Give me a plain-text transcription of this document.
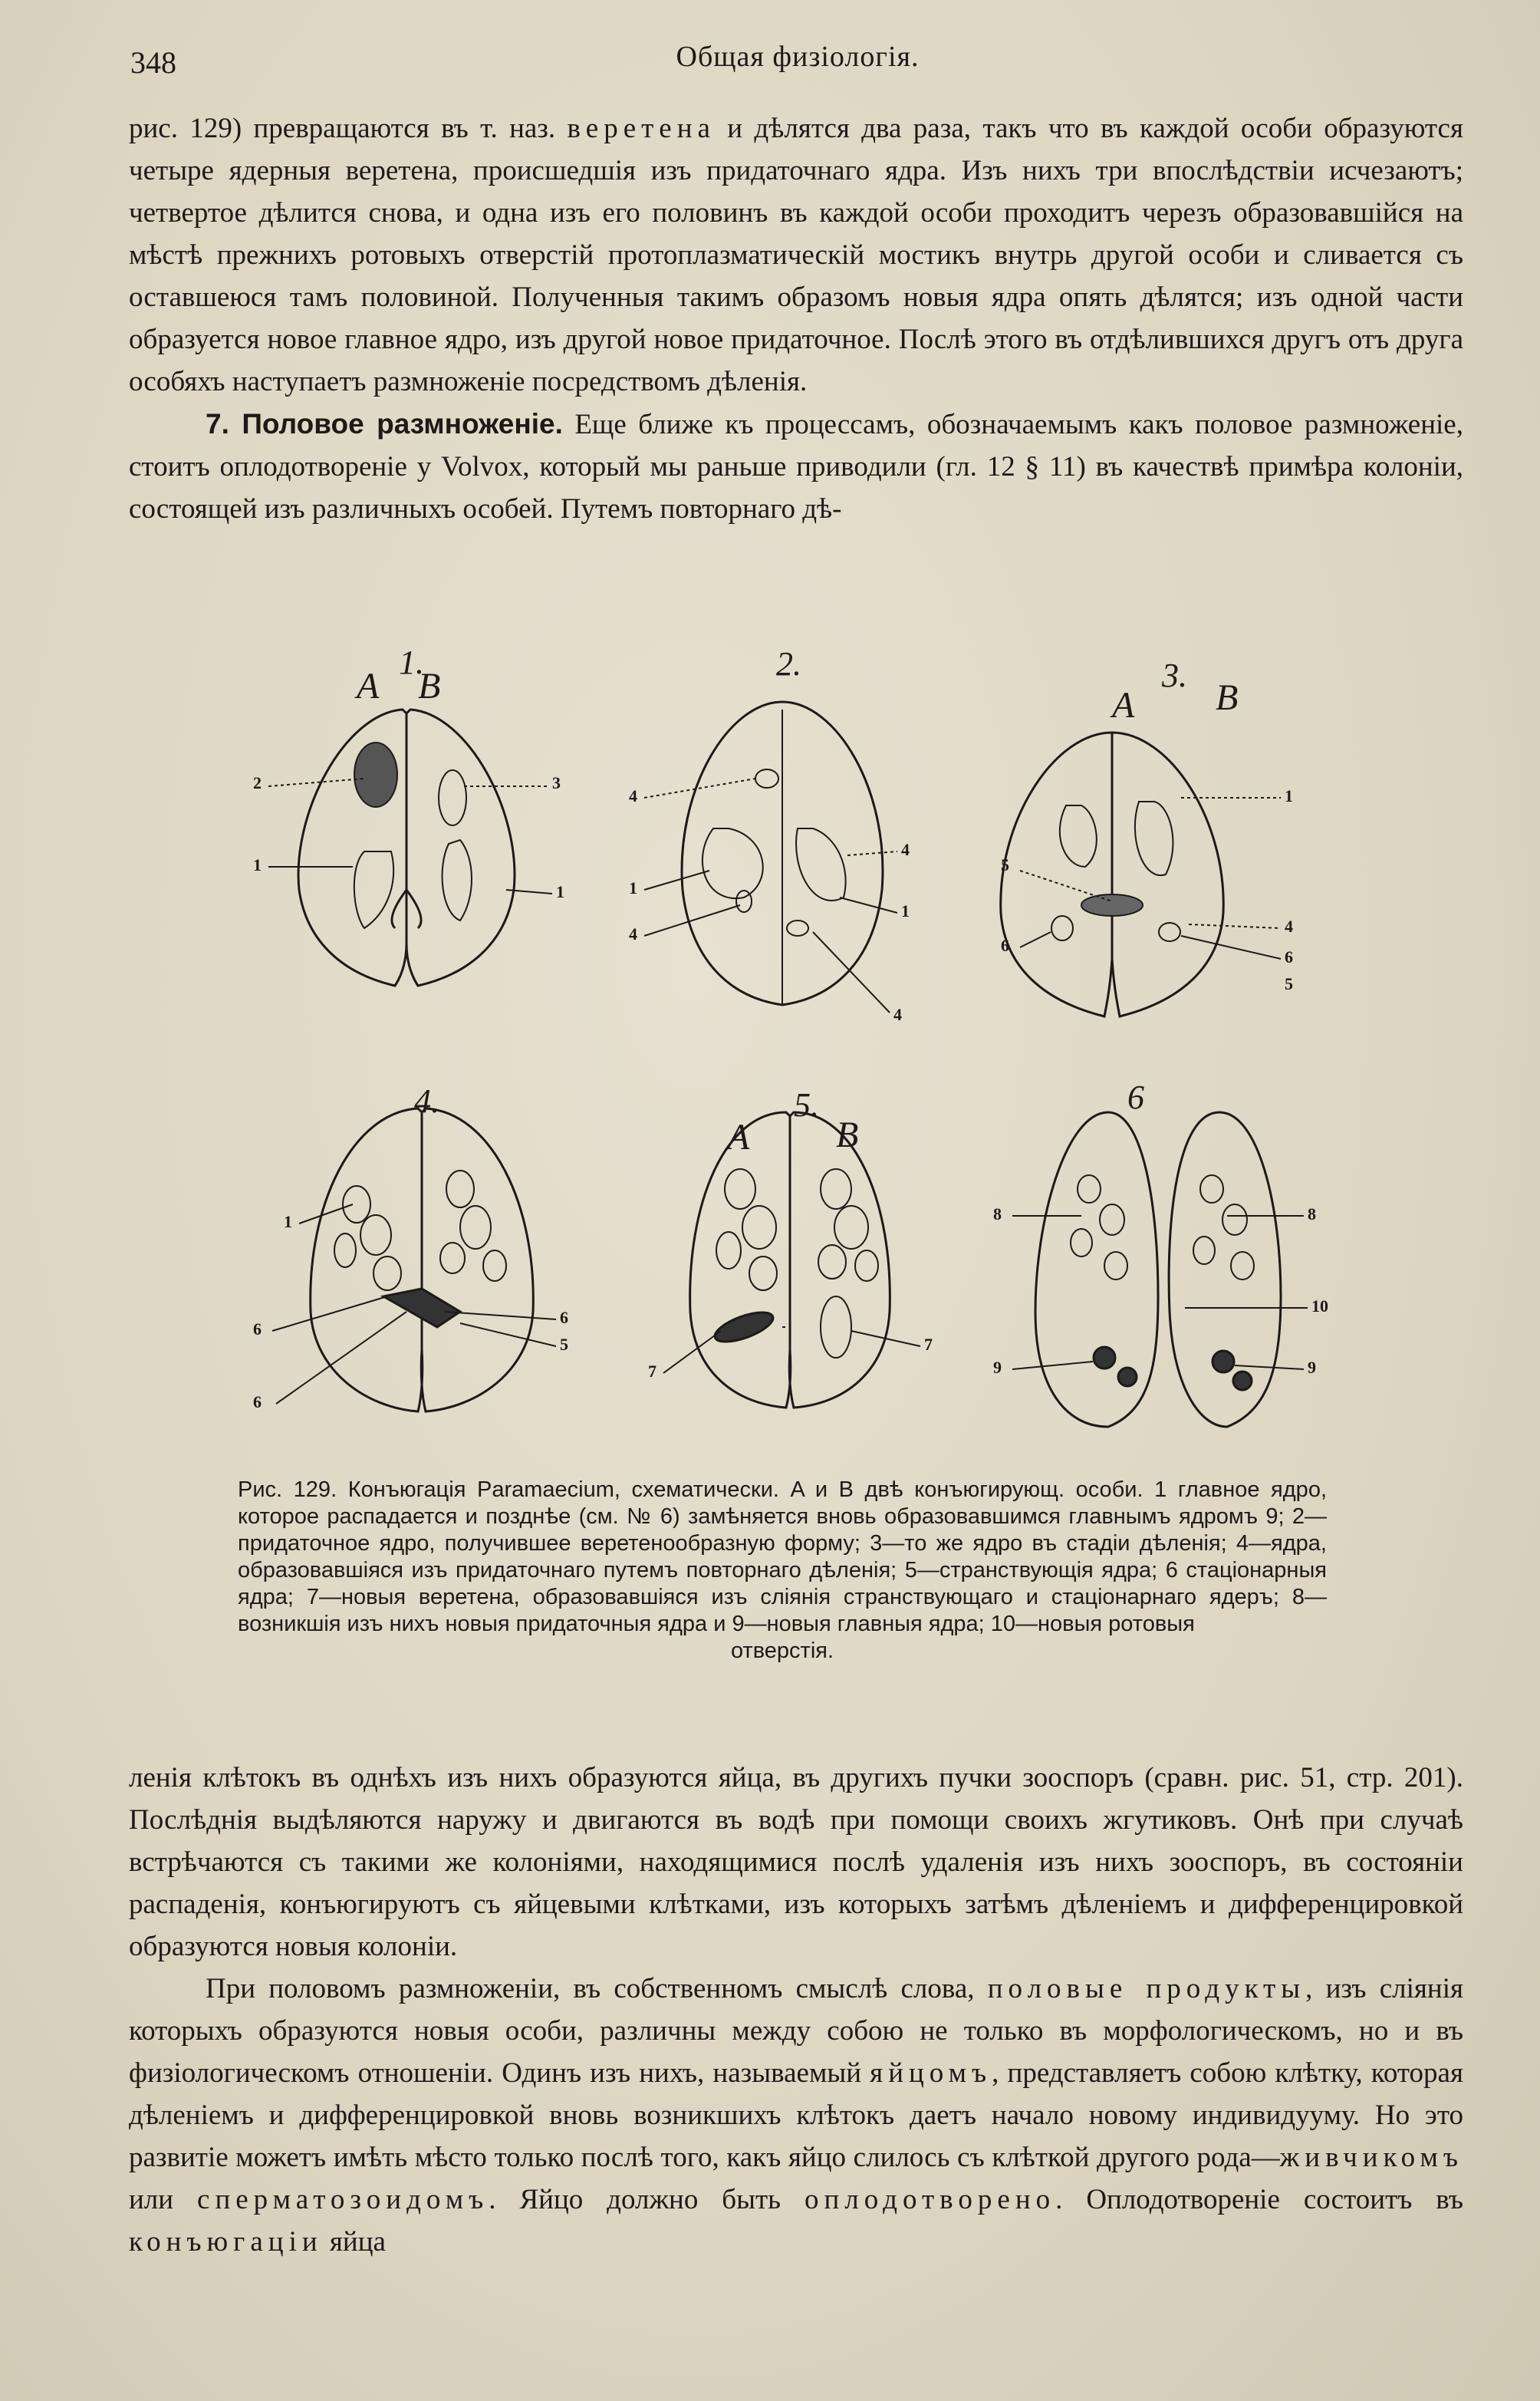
348	Общая физіологія.

рис. 129) превращаются въ т. наз. веретена и дѣлятся два раза, такъ что въ каждой особи образуются четыре ядерныя веретена, происшедшія изъ придаточнаго ядра. Изъ нихъ три впослѣдствіи исчезаютъ; четвертое дѣлится снова, и одна изъ его половинъ въ каждой особи проходитъ черезъ образовавшійся на мѣстѣ прежнихъ ротовыхъ отверстій протоплазматическій мостикъ внутрь другой особи и сливается съ оставшеюся тамъ половиной. Полученныя такимъ образомъ новыя ядра опять дѣлятся; изъ одной части образуется новое главное ядро, изъ другой новое придаточное. Послѣ этого въ отдѣлившихся другъ отъ друга особяхъ наступаетъ размноженіе посредствомъ дѣленія.

7. Половое размноженіе. Еще ближе къ процессамъ, обозначаемымъ какъ половое размноженіе, стоитъ оплодотвореніе у Volvox, который мы раньше приводили (гл. 12 § 11) въ качествѣ примѣра колоніи, состоящей изъ различныхъ особей. Путемъ повторнаго дѣ-

1.	2.	3.
4.	5.	6
A B	A B
A B
2	3
1
1
4
4
1
1
4
4
1
5
4
6
6
5
1
6
6
5
6
7
7
8	8
10
9	9

Рис. 129. Конъюгація Paramaecium, схематически. A и B двѣ конъюгирующ. особи. 1 главное ядро, которое распадается и позднѣе (см. № 6) замѣняется вновь образовавшимся главнымъ ядромъ 9; 2—придаточное ядро, получившее веретенообразную форму; 3—то же ядро въ стадіи дѣленія; 4—ядра, образовавшіяся изъ придаточнаго путемъ повторнаго дѣленія; 5—странствующія ядра; 6 стаціонарныя ядра; 7—новыя веретена, образовавшіяся изъ слiянія странствующаго и стаціонарнаго ядеръ; 8—возникшія изъ нихъ новыя придаточныя ядра и 9—новыя главныя ядра; 10—новыя ротовыя

отверстія.

ленія клѣтокъ въ однѣхъ изъ нихъ образуются яйца, въ другихъ пучки зооспоръ (сравн. рис. 51, стр. 201). Послѣднія выдѣляются наружу и двигаются въ водѣ при помощи своихъ жгутиковъ. Онѣ при случаѣ встрѣчаются съ такими же колоніями, находящимися послѣ удаленія изъ нихъ зооспоръ, въ состояніи распаденія, конъюгируютъ съ яйцевыми клѣтками, изъ которыхъ затѣмъ дѣленіемъ и дифференцировкой образуются новыя колоніи.

При половомъ размноженіи, въ собственномъ смыслѣ слова, половые продукты, изъ слiянія которыхъ образуются новыя особи, различны между собою не только въ морфологическомъ, но и въ физіологическомъ отношеніи. Одинъ изъ нихъ, называемый яйцомъ, представляетъ собою клѣтку, которая дѣленіемъ и дифференцировкой вновь возникшихъ клѣтокъ даетъ начало новому индивидууму. Но это развитіе можетъ имѣть мѣсто только послѣ того, какъ яйцо слилось съ клѣткой другого рода—живчикомъ или сперматозоидомъ. Яйцо должно быть оплодотворено. Оплодотвореніе состоитъ въ конъюгаціи яйца
